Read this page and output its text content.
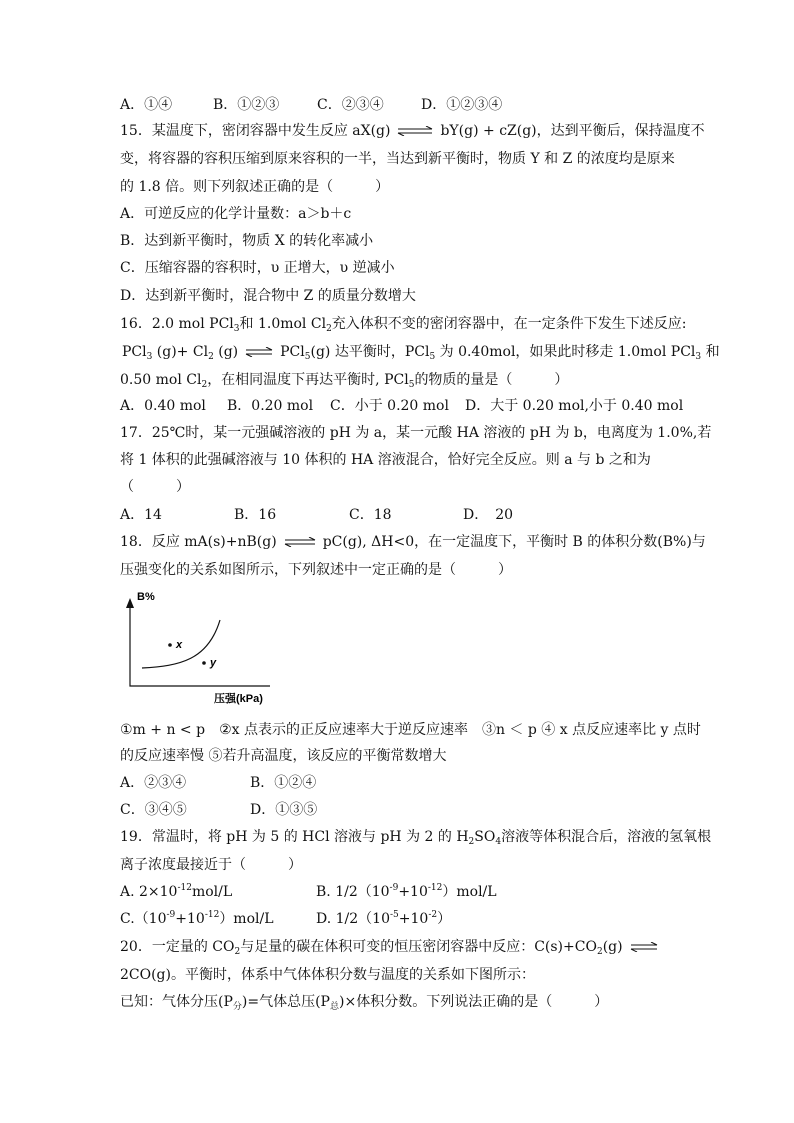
A．①④	B．①②③	C．②③④	D．①②③④
15．某温度下，密闭容器中发生反应 aX(g) ⇌ bY(g) + cZ(g)，达到平衡后，保持温度不
变，将容器的容积压缩到原来容积的一半，当达到新平衡时，物质 Y 和 Z 的浓度均是原来
的 1.8 倍。则下列叙述正确的是（　　　）
A．可逆反应的化学计量数：a＞b＋c
B．达到新平衡时，物质 X 的转化率减小
C．压缩容器的容积时，υ 正增大，υ 逆减小
D．达到新平衡时，混合物中 Z 的质量分数增大
16．2.0 mol PCl$_3$和 1.0mol $Cl_2$充入体积不变的密闭容器中，在一定条件下发生下述反应:
PCl$_3$ $(g)+ Cl_2$ (g) ⇌ PCl$_5$(g) 达平衡时，PCl$_5$ 为 0.40mol，如果此时移走 1.0mol PCl$_3$ 和
0.50 mol $Cl_2$，在相同温度下再达平衡时, PCl$_5$的物质的量是（　　　）
A．0.40 mol B．0.20 mol C．小于 0.20 mol D．大于 0.20 mol,小于 0.40 mol
17．25℃时，某一元强碱溶液的 pH 为 a，某一元酸 HA 溶液的 pH 为 b，电离度为 1.0%,若
将 1 体积的此强碱溶液与 10 体积的 HA 溶液混合，恰好完全反应。则 a 与 b 之和为
（　　　）
A．14	B．16	C．18	D．　20
18．反应 mA(s)+nB(g) ⇌ pC(g), ΔH<0，在一定温度下，平衡时 B 的体积分数(B%)与
压强变化的关系如图所示，下列叙述中一定正确的是（　　　）
B%
x
y
压强(kPa)
①m + n < p　②x 点表示的正反应速率大于逆反应速率　③n ＜ p ④ x 点反应速率比 y 点时
的反应速率慢 ⑤若升高温度，该反应的平衡常数增大
A．②③④	B．①②④
C．③④⑤	D．①③⑤
19．常温时，将 pH 为 5 的 HCl 溶液与 pH 为 2 的 $H_2SO_4$溶液等体积混合后，溶液的氢氧根
离子浓度最接近于（　　　）
A. $2\times 10^{-12}mol/L$	B. $1/2(10^{-9}+10^{-12})mol/L$
$C.(10^{-9}+10^{-12})mol/L$	D. $1/2(10^{-5}+10^{-2})$
20．一定量的 $CO_2$与足量的碳在体积可变的恒压密闭容器中反应：$C(s)+CO_2(g)$ ⇌
2CO(g)。平衡时，体系中气体体积分数与温度的关系如下图所示：
已知：气体分压$(P_分)=$气体总压$(P_总)\times$体积分数。下列说法正确的是（　　　）
